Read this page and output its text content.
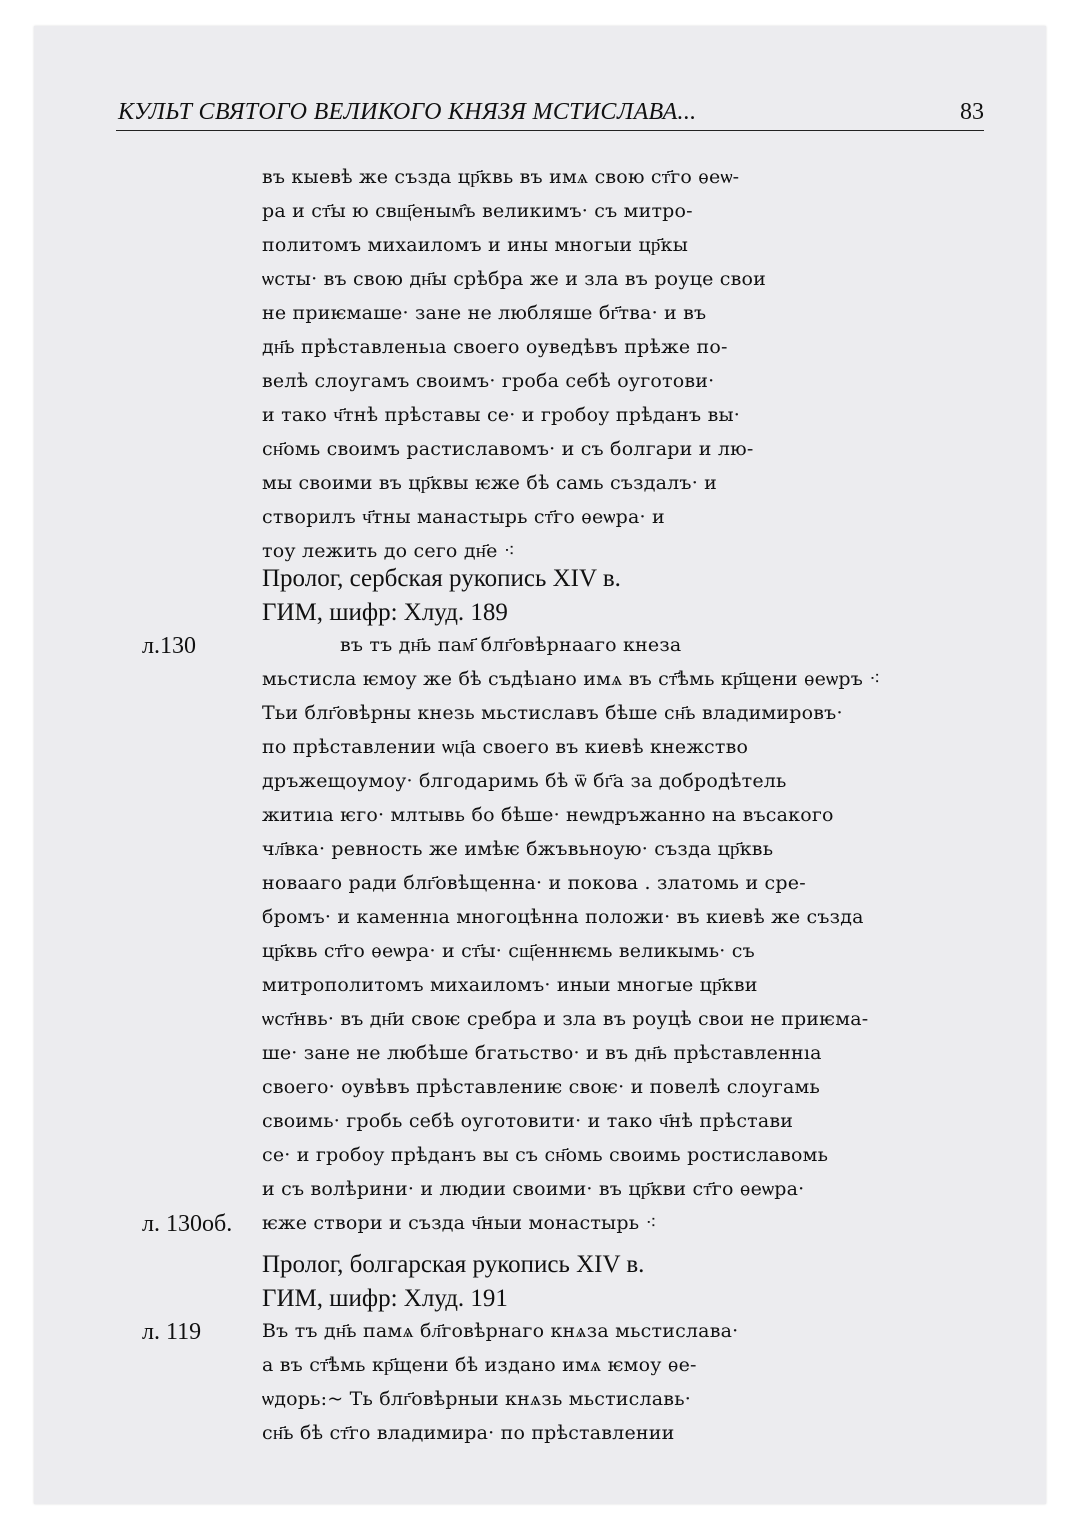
КУЛЬТ СВЯТОГО ВЕЛИКОГО КНЯЗЯ МСТИСЛАВА...	83
въ кыевѣ же създа цр҃квь въ имѧ свою ст҃го ѳеѡ-
ра и ст҃ы ю свщ҃еным҄ъ великимъ· съ митро-
политомъ михаиломъ и ины многыи цр҃кы
ѡсты· въ свою дн҃ы срѣбра же и зла въ роуце свои
не приѥмаше· зане не любляше бг҃тва· и въ
дн҃ь прѣставленьıа своего оуведѣвъ прѣже по-
велѣ слоугамъ своимъ· гроба себѣ оуготови·
и тако ч҃тнѣ прѣставы се· и гробоу прѣданъ вы·
сн҃омь своимъ растиславомъ· и съ болгари и лю-
мы своими въ цр҃квы ѥже бѣ самь създалъ· и
створилъ ч҃тны манастырь ст҃го ѳеѡра· и
тоу лежить до сего дн҃е ⁖
Пролог, сербская рукопись XIV в.
ГИМ, шифр: Хлуд. 189
л.130	въ тъ дн҃ь пам҃ блг҃овѣрнааго кнеза
мьстисла ѥмоу же бѣ съдѣıано имѧ въ ст҃ѣмь кр҃щени ѳеѡръ ⁖
Тьи блг҃овѣрны кнезь мьстиславъ бѣше сн҃ь владимировъ·
по прѣставлении ѡц҃а своего въ киевѣ кнежство
дръжещоумоу· блгодаримь бѣ ѿ бг҃а за добродѣтель
житиıа ѥго· млтывь бо бѣше· неѡдръжанно на въсакого
чл҃вка· ревность же имѣѥ бжъвьноую· създа цр҃квь
новааго ради блг҃овѣщенна· и покова . златомь и сре-
бромъ· и каменнıа многоцѣнна положи· въ киевѣ же създа
цр҃квь ст҃го ѳеѡра· и ст҃ы· сщ҃еннѥмь великымь· съ
митрополитомъ михаиломъ· иныи многые цр҃кви
ѡст҃нвь· въ дн҃и своѥ сребра и зла въ роуцѣ свои не приѥма-
ше· зане не любѣше бгатьство· и въ дн҃ь прѣставленнıа
своего· оувѣвъ прѣставлениѥ своѥ· и повелѣ слоугамь
своимь· гробь себѣ оуготовити· и тако ч҃нѣ прѣстави
се· и гробоу прѣданъ вы съ сн҃омь своимь ростиславомь
и съ волѣрини· и людии своими· въ цр҃кви ст҃го ѳеѡра·
ѥже створи и създа ч҃ныи монастырь ⁖
л. 130об.
Пролог, болгарская рукопись XIV в.
ГИМ, шифр: Хлуд. 191
л. 119	Въ тъ дн҃ь памѧ бл҃говѣрнаго кнѧза мьстислава·
а въ ст҃ѣмь кр҃щени бѣ издано имѧ ѥмоу ѳе-
ѡдорь:~ Ть блг҃овѣрныи кнѧзь мьстиславь·
сн҃ь бѣ ст҃го владимира· по прѣставлении
